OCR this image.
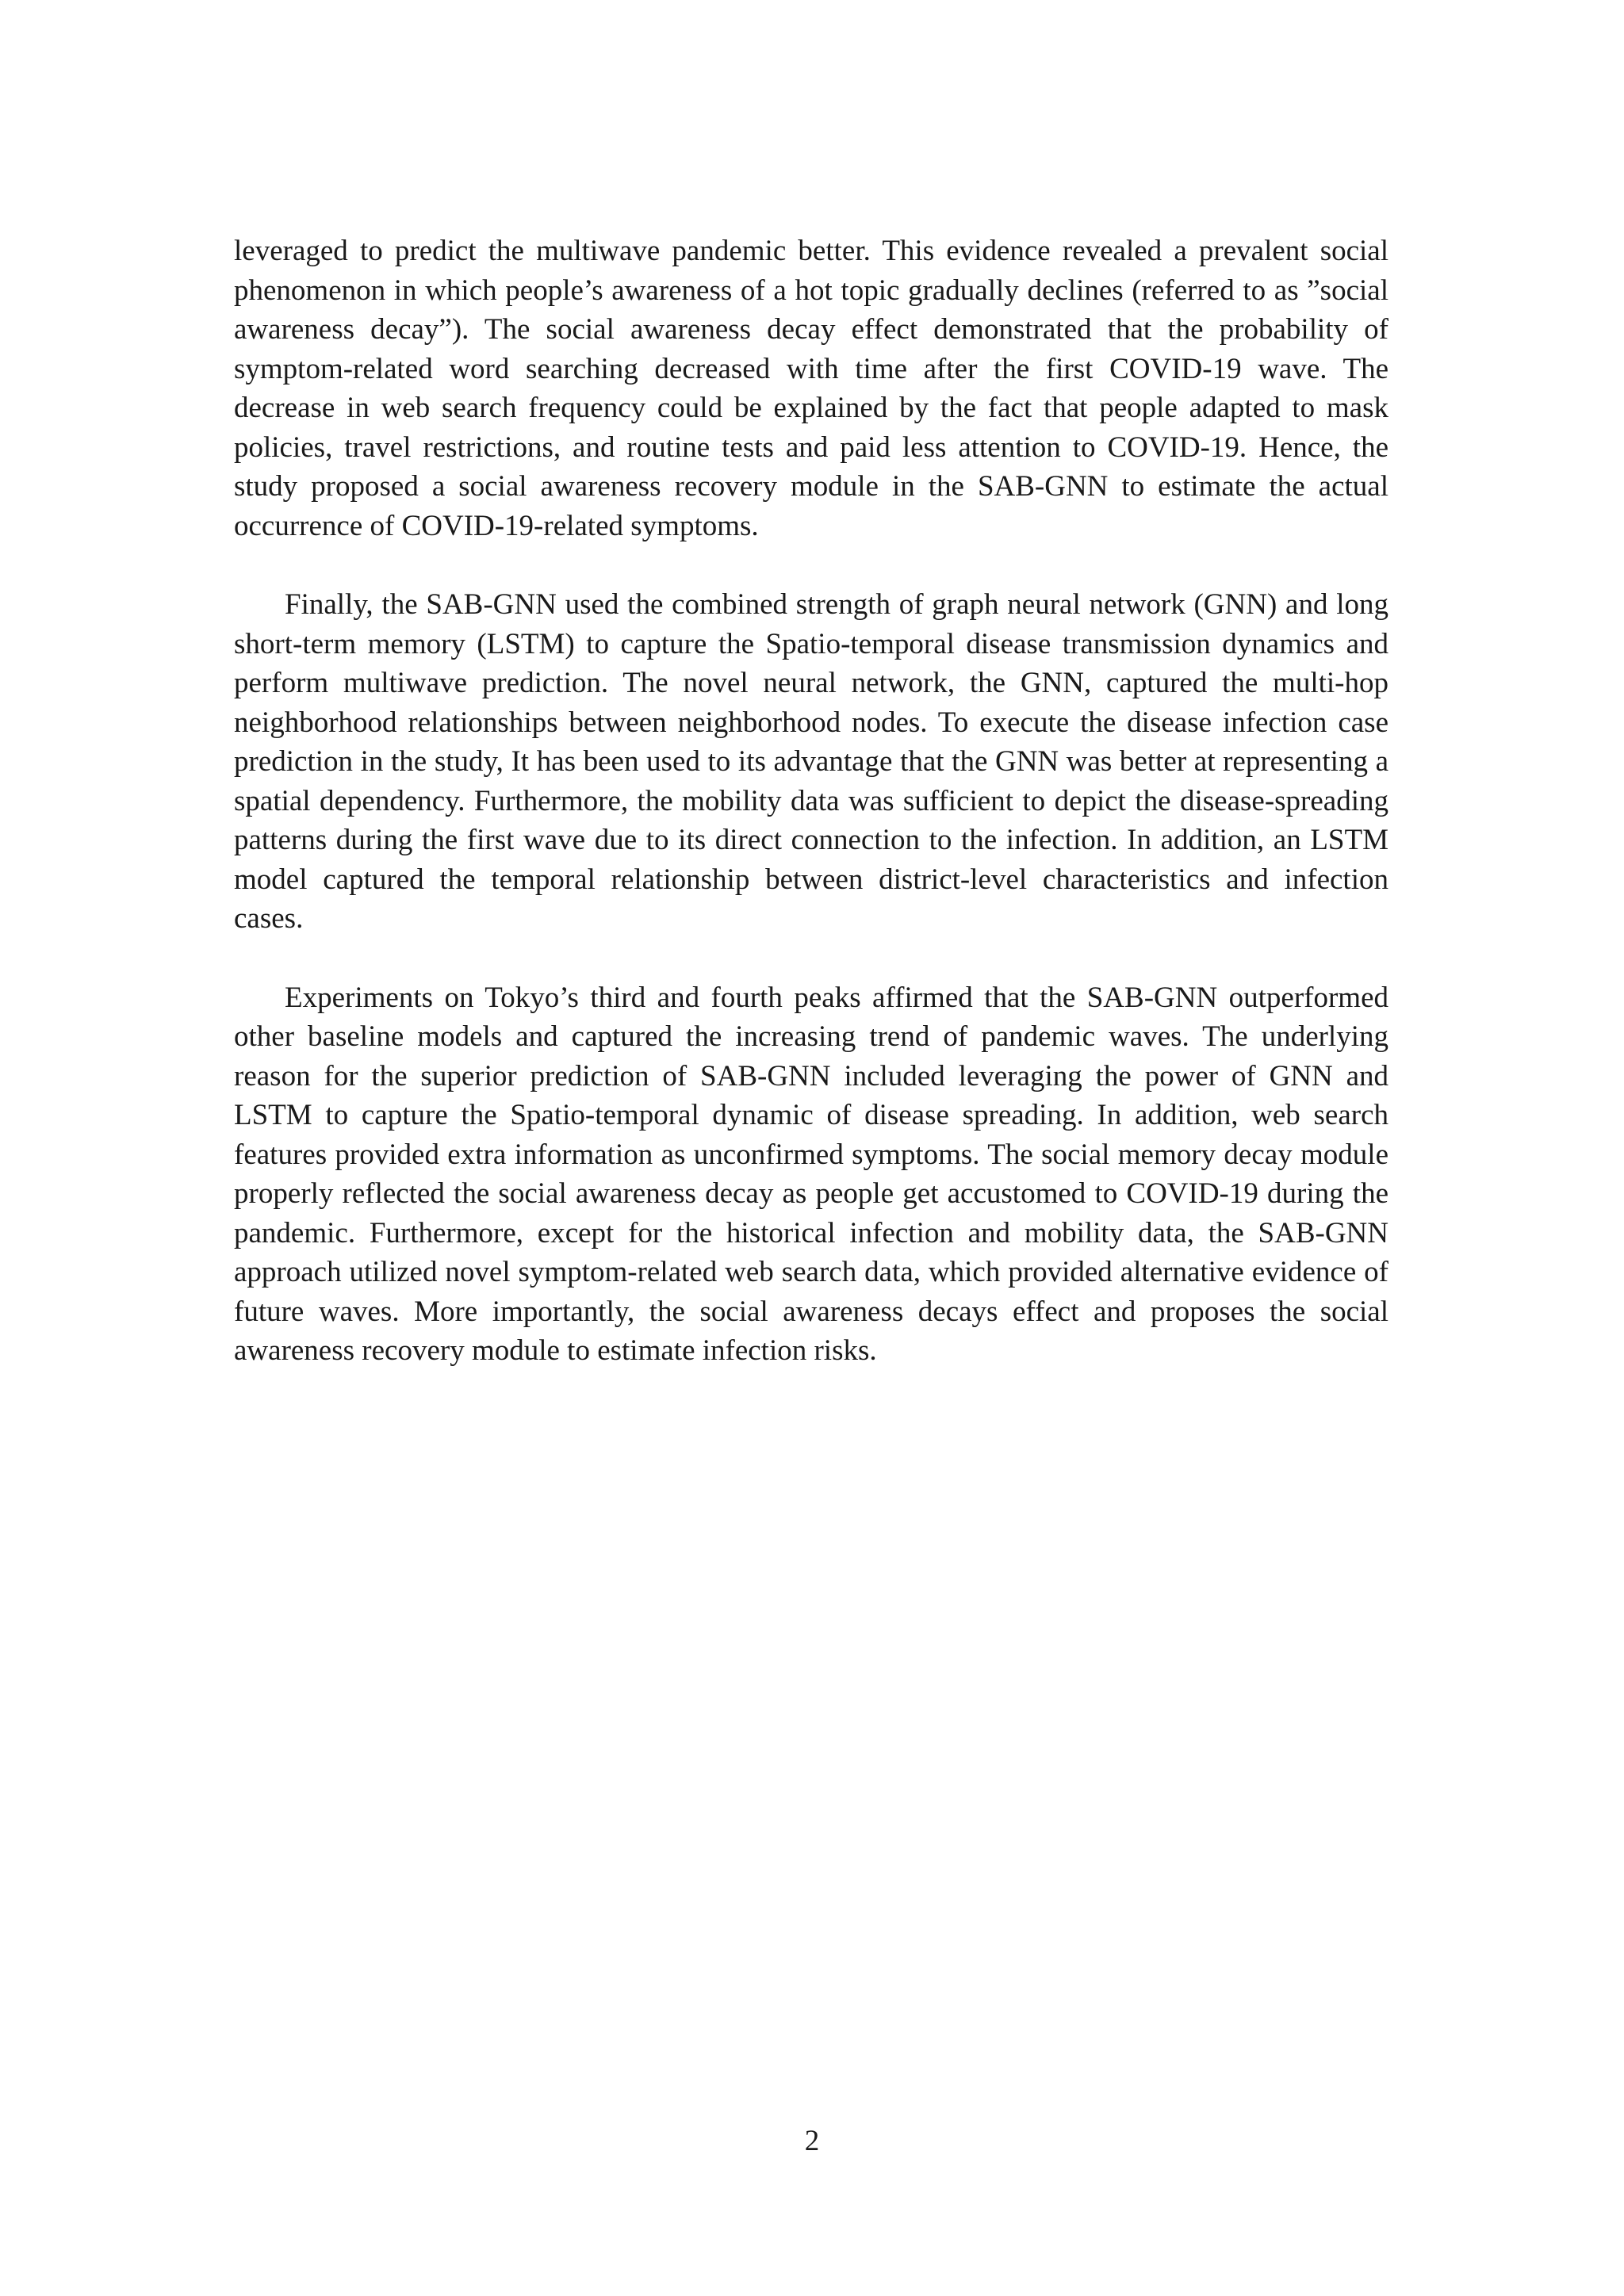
leveraged to predict the multiwave pandemic better. This evidence revealed a prevalent social phenomenon in which people’s awareness of a hot topic gradually declines (referred to as ”social awareness decay”). The social awareness decay effect demonstrated that the probability of symptom-related word searching decreased with time after the first COVID-19 wave. The decrease in web search frequency could be explained by the fact that people adapted to mask policies, travel restrictions, and routine tests and paid less attention to COVID-19. Hence, the study proposed a social awareness recovery module in the SAB-GNN to estimate the actual occurrence of COVID-19-related symptoms.

Finally, the SAB-GNN used the combined strength of graph neural network (GNN) and long short-term memory (LSTM) to capture the Spatio-temporal disease transmission dynamics and perform multiwave prediction. The novel neural network, the GNN, captured the multi-hop neighborhood relationships between neighborhood nodes. To execute the disease infection case prediction in the study, It has been used to its advantage that the GNN was better at representing a spatial dependency. Furthermore, the mobility data was sufficient to depict the disease-spreading patterns during the first wave due to its direct connection to the infection. In addition, an LSTM model captured the temporal relationship between district-level characteristics and infection cases.

Experiments on Tokyo’s third and fourth peaks affirmed that the SAB-GNN outperformed other baseline models and captured the increasing trend of pandemic waves. The underlying reason for the superior prediction of SAB-GNN included leveraging the power of GNN and LSTM to capture the Spatio-temporal dynamic of disease spreading. In addition, web search features provided extra information as unconfirmed symptoms. The social memory decay module properly reflected the social awareness decay as people get accustomed to COVID-19 during the pandemic. Furthermore, except for the historical infection and mobility data, the SAB-GNN approach utilized novel symptom-related web search data, which provided alternative evidence of future waves. More importantly, the social awareness decays effect and proposes the social awareness recovery module to estimate infection risks.

2
